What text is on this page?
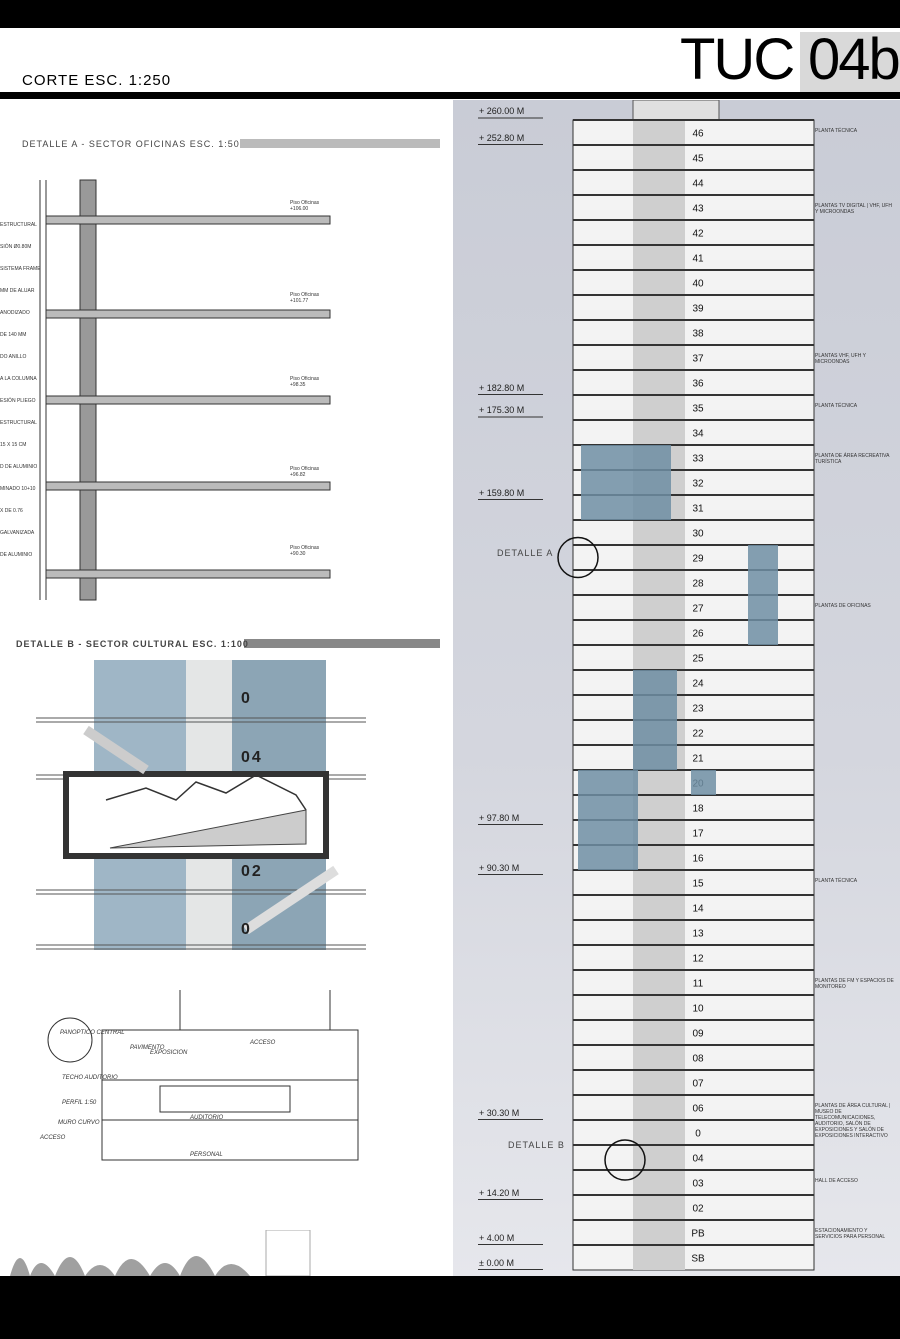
TUC 04b
CORTE ESC. 1:250
DETALLE A - SECTOR OFICINAS ESC. 1:50
Piso Oficinas +106.00
Piso Oficinas +101.77
Piso Oficinas +98.35
Piso Oficinas +96.82
Piso Oficinas +90.30
ESTRUCTURAL
SIÓN Ø0.80M
SISTEMA FRAME
MM DE ALUAR
ANODIZADO
DE 140 MM
DO ANILLO
A LA COLUMNA
ESIÓN PLIEGO
ESTRUCTURAL
15 X 15 CM
D DE ALUMINIO
MINADO 10+10
X DE 0.76
GALVANIZADA
DE ALUMINIO
DETALLE B - SECTOR CULTURAL ESC. 1:100
0
04
02
0
PANOPTICO CENTRAL
TECHO AUDITORIO
PERFIL 1:50
MURO CURVO
PAVIMENTO
ACCESO
EXPOSICION
AUDITORIO
ACCESO
PERSONAL
46
45
44
43
42
41
40
39
38
37
36
35
34
33
32
31
30
29
28
27
26
25
24
23
22
21
18
17
16
15
14
13
12
11
10
09
08
07
06
0
04
03
02
PB
SB
+ 260.00 M
+ 252.80 M
+ 182.80 M
+ 175.30 M
+ 159.80 M
+ 97.80 M
+ 90.30 M
+ 30.30 M
+ 14.20 M
+ 4.00 M
± 0.00 M
PLANTA TÉCNICA
PLANTAS TV DIGITAL | VHF, UFH Y MICROONDAS
PLANTAS VHF, UFH Y MICROONDAS
PLANTA TÉCNICA
PLANTA DE ÁREA RECREATIVA TURÍSTICA
PLANTAS DE OFICINAS
PLANTA TÉCNICA
PLANTAS DE FM Y ESPACIOS DE MONITOREO
PLANTAS DE ÁREA CULTURAL | MUSEO DE TELECOMUNICACIONES, AUDITORIO, SALÓN DE EXPOSICIONES Y SALÓN DE EXPOSICIONES INTERACTIVO
HALL DE ACCESO
ESTACIONAMIENTO Y SERVICIOS PARA PERSONAL
DETALLE A
DETALLE B
